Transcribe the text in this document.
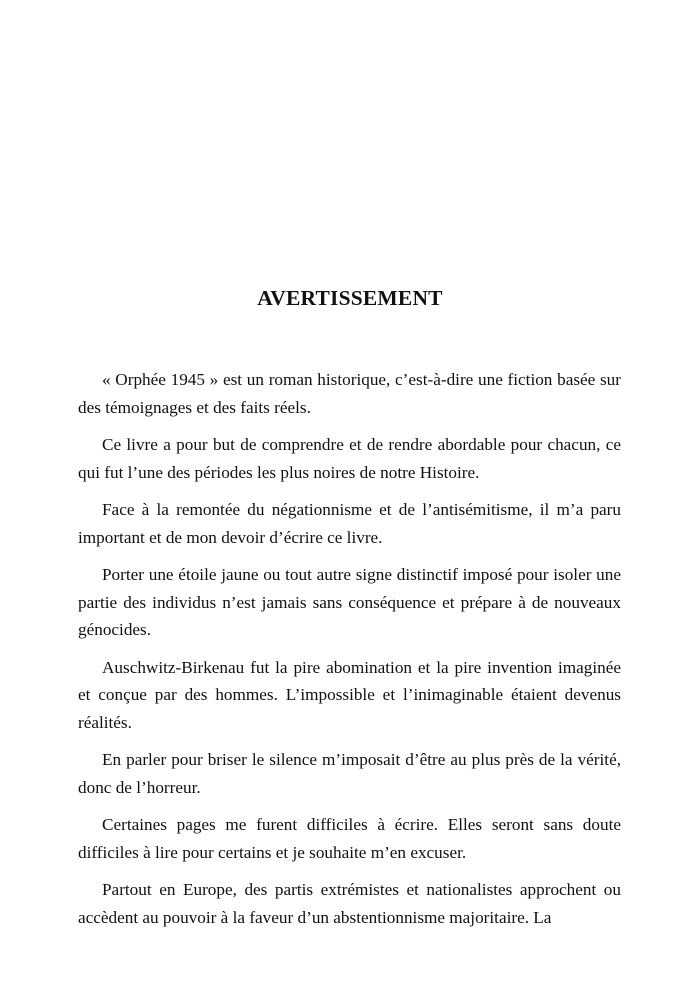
AVERTISSEMENT

« Orphée 1945 » est un roman historique, c’est-à-dire une fiction basée sur des témoignages et des faits réels.

Ce livre a pour but de comprendre et de rendre abordable pour chacun, ce qui fut l’une des périodes les plus noires de notre Histoire.

Face à la remontée du négationnisme et de l’antisémitisme, il m’a paru important et de mon devoir d’écrire ce livre.

Porter une étoile jaune ou tout autre signe distinctif imposé pour isoler une partie des individus n’est jamais sans conséquence et prépare à de nouveaux génocides.

Auschwitz-Birkenau fut la pire abomination et la pire invention imaginée et conçue par des hommes. L’impossible et l’inimaginable étaient devenus réalités.

En parler pour briser le silence m’imposait d’être au plus près de la vérité, donc de l’horreur.

Certaines pages me furent difficiles à écrire. Elles seront sans doute difficiles à lire pour certains et je souhaite m’en excuser.

Partout en Europe, des partis extrémistes et nationalistes approchent ou accèdent au pouvoir à la faveur d’un abstentionnisme majoritaire. La
